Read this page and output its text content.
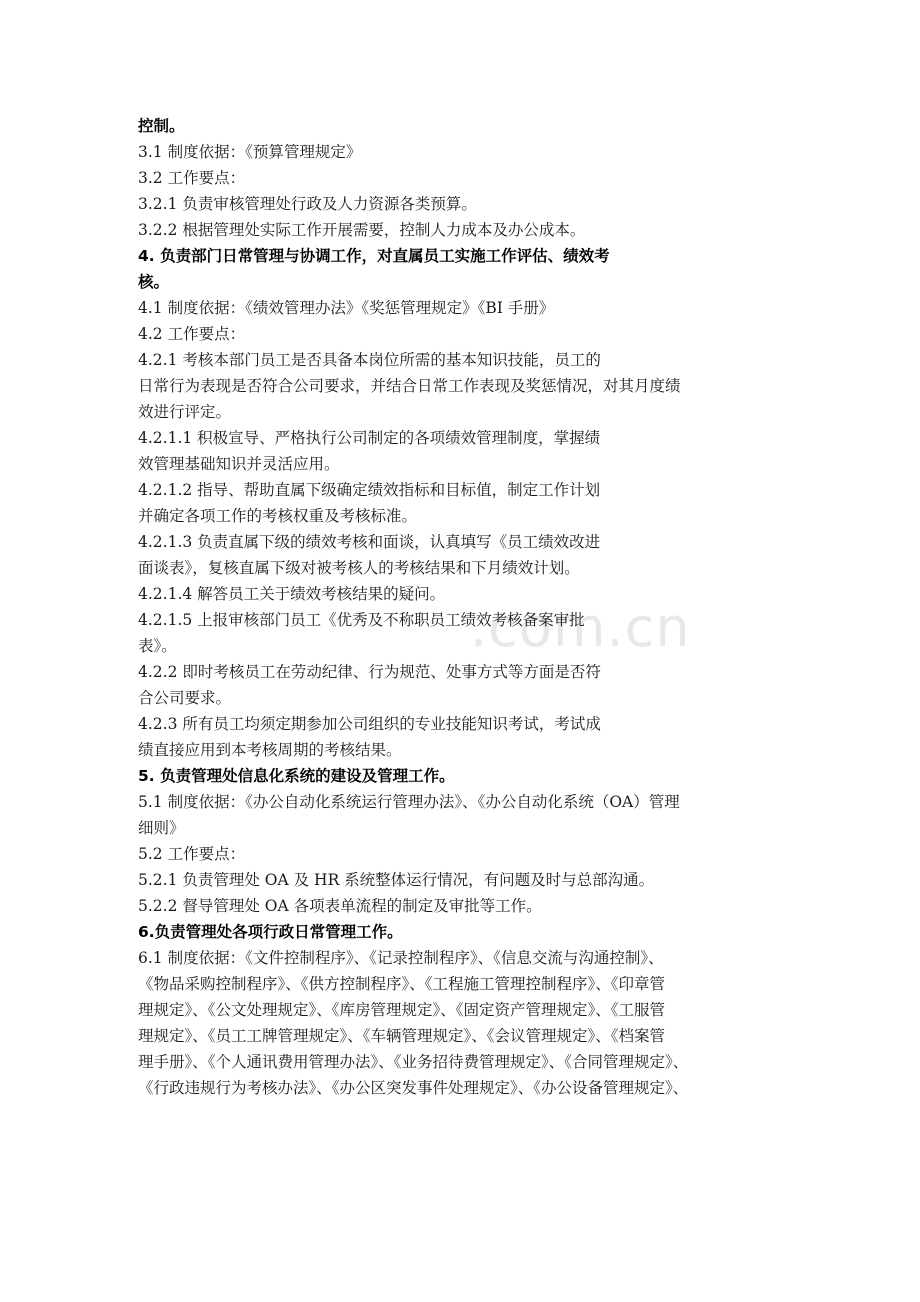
.com.cn
控制。
3.1 制度依据：《预算管理规定》
3.2 工作要点：
3.2.1 负责审核管理处行政及人力资源各类预算。
3.2.2 根据管理处实际工作开展需要，控制人力成本及办公成本。
4. 负责部门日常管理与协调工作，对直属员工实施工作评估、绩效考
核。
4.1 制度依据：《绩效管理办法》《奖惩管理规定》《BI 手册》
4.2 工作要点：
4.2.1 考核本部门员工是否具备本岗位所需的基本知识技能，员工的
日常行为表现是否符合公司要求，并结合日常工作表现及奖惩情况，对其月度绩
效进行评定。
4.2.1.1 积极宣导、严格执行公司制定的各项绩效管理制度，掌握绩
效管理基础知识并灵活应用。
4.2.1.2 指导、帮助直属下级确定绩效指标和目标值，制定工作计划
并确定各项工作的考核权重及考核标准。
4.2.1.3 负责直属下级的绩效考核和面谈，认真填写《员工绩效改进
面谈表》，复核直属下级对被考核人的考核结果和下月绩效计划。
4.2.1.4 解答员工关于绩效考核结果的疑问。
4.2.1.5 上报审核部门员工《优秀及不称职员工绩效考核备案审批
表》。
4.2.2 即时考核员工在劳动纪律、行为规范、处事方式等方面是否符
合公司要求。
4.2.3 所有员工均须定期参加公司组织的专业技能知识考试，考试成
绩直接应用到本考核周期的考核结果。
5. 负责管理处信息化系统的建设及管理工作。
5.1 制度依据：《办公自动化系统运行管理办法》、《办公自动化系统（OA）管理
细则》
5.2 工作要点：
5.2.1 负责管理处 OA 及 HR 系统整体运行情况，有问题及时与总部沟通。
5.2.2 督导管理处 OA 各项表单流程的制定及审批等工作。
6.负责管理处各项行政日常管理工作。
6.1 制度依据：《文件控制程序》、《记录控制程序》、《信息交流与沟通控制》、
《物品采购控制程序》、《供方控制程序》、《工程施工管理控制程序》、《印章管
理规定》、《公文处理规定》、《库房管理规定》、《固定资产管理规定》、《工服管
理规定》、《员工工牌管理规定》、《车辆管理规定》、《会议管理规定》、《档案管
理手册》、《个人通讯费用管理办法》、《业务招待费管理规定》、《合同管理规定》、
《行政违规行为考核办法》、《办公区突发事件处理规定》、《办公设备管理规定》、
